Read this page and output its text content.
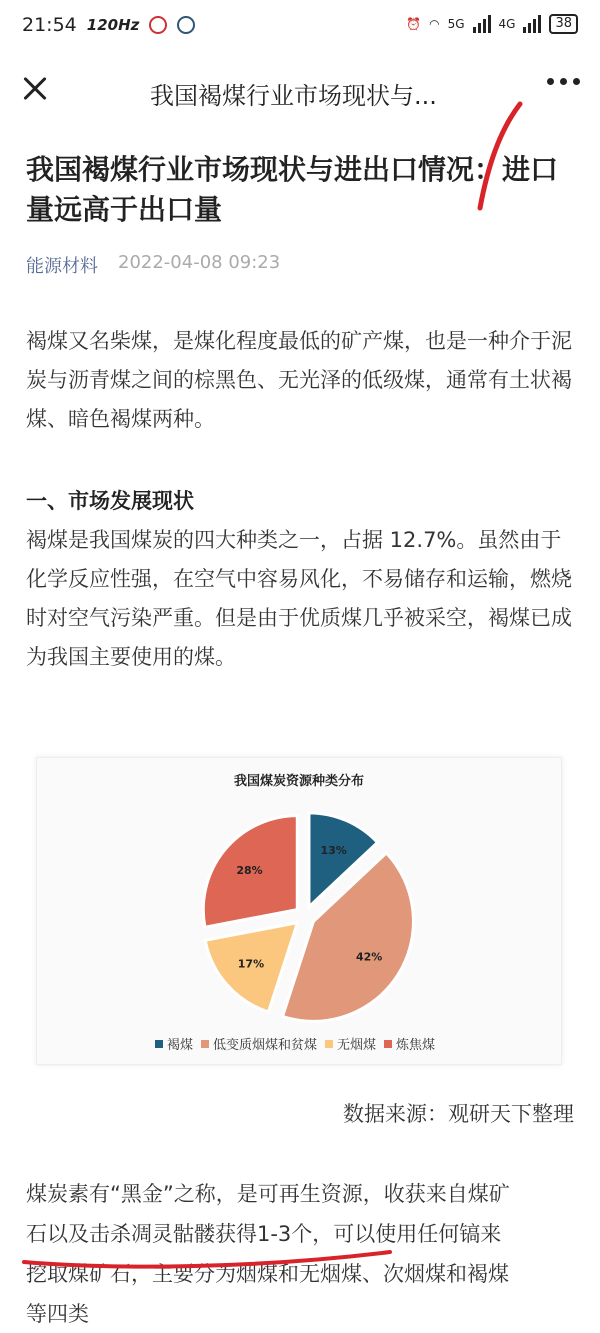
21:54 120Hz	⏰ ◠ 5G	4G	38
我国褐煤行业市场现状与...
我国褐煤行业市场现状与进出口情况：进口量远高于出口量
能源材料 2022-04-08 09:23

褐煤又名柴煤，是煤化程度最低的矿产煤，也是一种介于泥炭与沥青煤之间的棕黑色、无光泽的低级煤，通常有土状褐煤、暗色褐煤两种。

一、市场发展现状

褐煤是我国煤炭的四大种类之一，占据 12.7%。虽然由于化学反应性强，在空气中容易风化，不易储存和运输，燃烧时对空气污染严重。但是由于优质煤几乎被采空，褐煤已成为我国主要使用的煤。

我国煤炭资源种类分布
13%
42%
17%
28%
褐煤 低变质烟煤和贫煤 无烟煤 炼焦煤
数据来源：观研天下整理

煤炭素有“黑金”之称，是可再生资源，收获来自煤矿
石以及击杀凋灵骷髅获得1-3个，可以使用任何镐来
挖取煤矿石，主要分为烟煤和无烟煤、次烟煤和褐煤
等四类
